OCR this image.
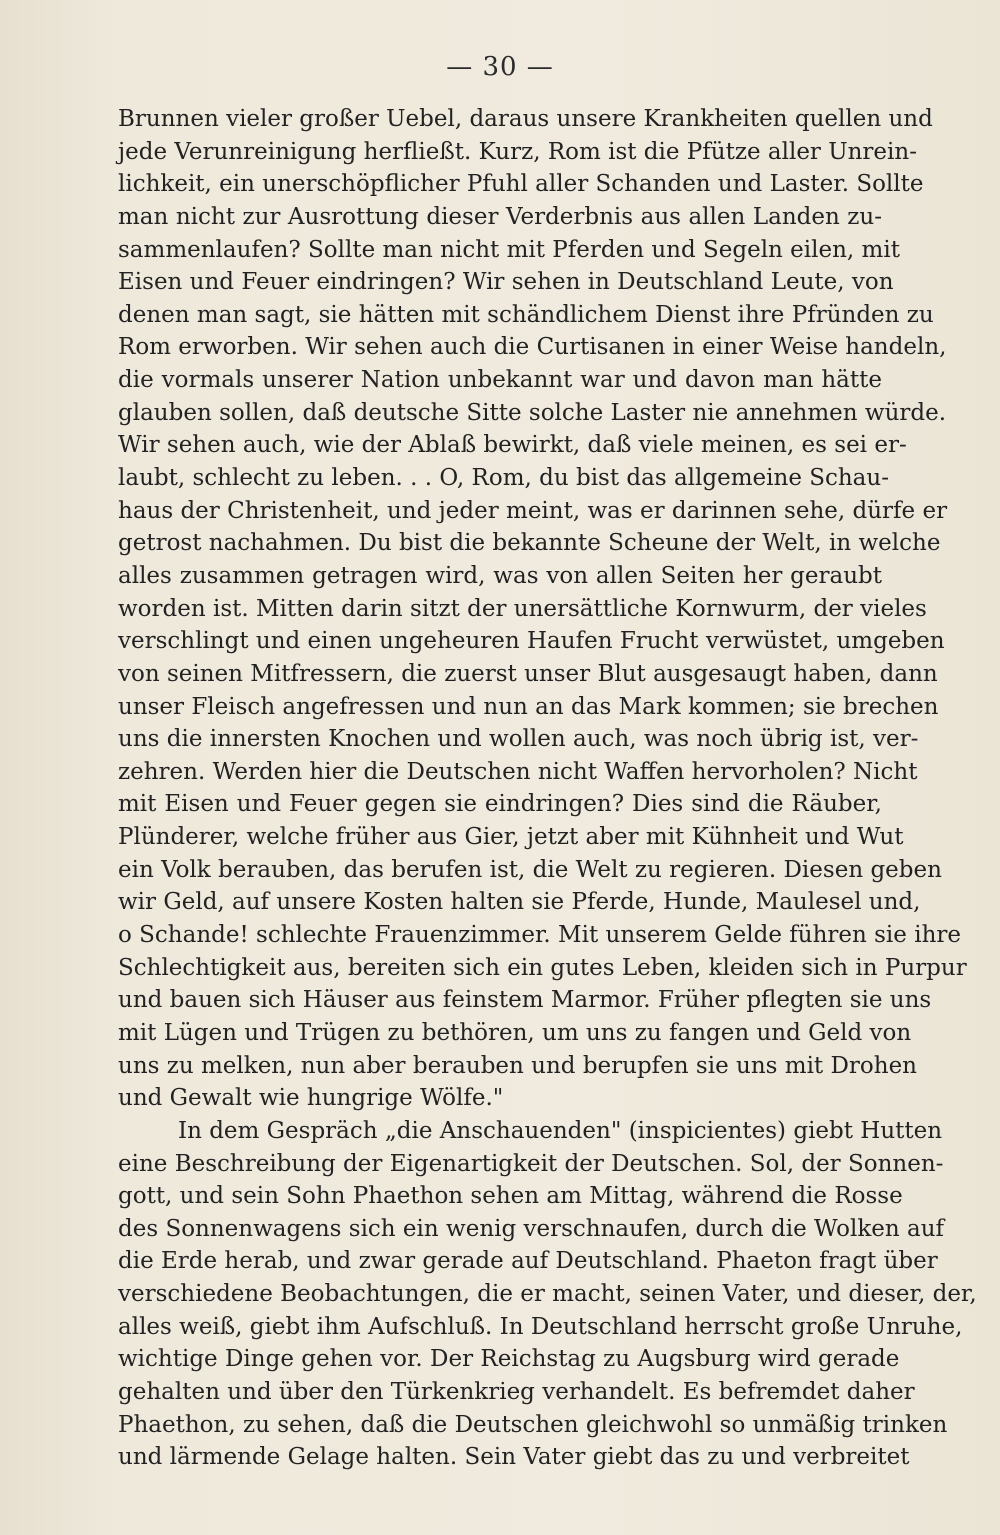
— 30 —
Brunnen vieler großer Uebel, daraus unsere Krankheiten quellen und
jede Verunreinigung herfließt. Kurz, Rom ist die Pfütze aller Unrein-
lichkeit, ein unerschöpflicher Pfuhl aller Schanden und Laster. Sollte
man nicht zur Ausrottung dieser Verderbnis aus allen Landen zu-
sammenlaufen? Sollte man nicht mit Pferden und Segeln eilen, mit
Eisen und Feuer eindringen? Wir sehen in Deutschland Leute, von
denen man sagt, sie hätten mit schändlichem Dienst ihre Pfründen zu
Rom erworben. Wir sehen auch die Curtisanen in einer Weise handeln,
die vormals unserer Nation unbekannt war und davon man hätte
glauben sollen, daß deutsche Sitte solche Laster nie annehmen würde.
Wir sehen auch, wie der Ablaß bewirkt, daß viele meinen, es sei er-
laubt, schlecht zu leben. . . O, Rom, du bist das allgemeine Schau-
haus der Christenheit, und jeder meint, was er darinnen sehe, dürfe er
getrost nachahmen. Du bist die bekannte Scheune der Welt, in welche
alles zusammen getragen wird, was von allen Seiten her geraubt
worden ist. Mitten darin sitzt der unersättliche Kornwurm, der vieles
verschlingt und einen ungeheuren Haufen Frucht verwüstet, umgeben
von seinen Mitfressern, die zuerst unser Blut ausgesaugt haben, dann
unser Fleisch angefressen und nun an das Mark kommen; sie brechen
uns die innersten Knochen und wollen auch, was noch übrig ist, ver-
zehren. Werden hier die Deutschen nicht Waffen hervorholen? Nicht
mit Eisen und Feuer gegen sie eindringen? Dies sind die Räuber,
Plünderer, welche früher aus Gier, jetzt aber mit Kühnheit und Wut
ein Volk berauben, das berufen ist, die Welt zu regieren. Diesen geben
wir Geld, auf unsere Kosten halten sie Pferde, Hunde, Maulesel und,
o Schande! schlechte Frauenzimmer. Mit unserem Gelde führen sie ihre
Schlechtigkeit aus, bereiten sich ein gutes Leben, kleiden sich in Purpur
und bauen sich Häuser aus feinstem Marmor. Früher pflegten sie uns
mit Lügen und Trügen zu bethören, um uns zu fangen und Geld von
uns zu melken, nun aber berauben und berupfen sie uns mit Drohen
und Gewalt wie hungrige Wölfe."
In dem Gespräch „die Anschauenden" (inspicientes) giebt Hutten
eine Beschreibung der Eigenartigkeit der Deutschen. Sol, der Sonnen-
gott, und sein Sohn Phaethon sehen am Mittag, während die Rosse
des Sonnenwagens sich ein wenig verschnaufen, durch die Wolken auf
die Erde herab, und zwar gerade auf Deutschland. Phaeton fragt über
verschiedene Beobachtungen, die er macht, seinen Vater, und dieser, der,
alles weiß, giebt ihm Aufschluß. In Deutschland herrscht große Unruhe,
wichtige Dinge gehen vor. Der Reichstag zu Augsburg wird gerade
gehalten und über den Türkenkrieg verhandelt. Es befremdet daher
Phaethon, zu sehen, daß die Deutschen gleichwohl so unmäßig trinken
und lärmende Gelage halten. Sein Vater giebt das zu und verbreitet
